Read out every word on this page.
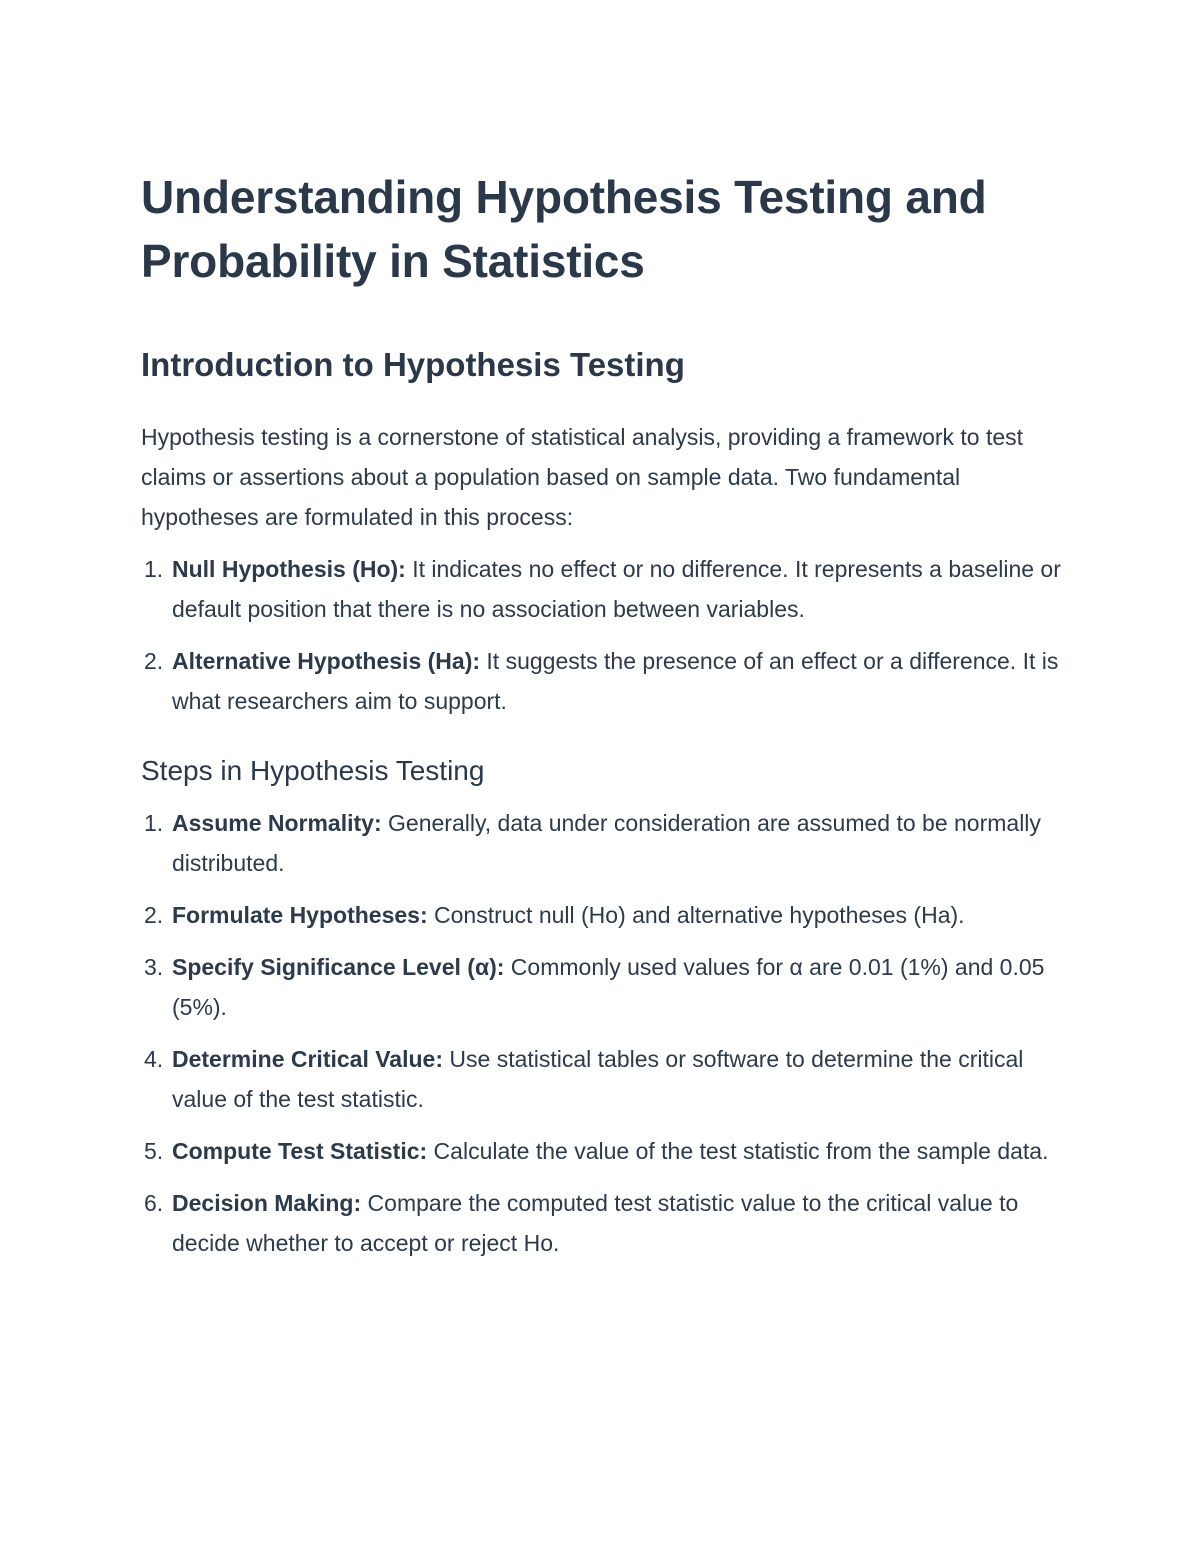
Understanding Hypothesis Testing and Probability in Statistics
Introduction to Hypothesis Testing

Hypothesis testing is a cornerstone of statistical analysis, providing a framework to test claims or assertions about a population based on sample data. Two fundamental hypotheses are formulated in this process:

1. Null Hypothesis (Ho): It indicates no effect or no difference. It represents a baseline or default position that there is no association between variables.
2. Alternative Hypothesis (Ha): It suggests the presence of an effect or a difference. It is what researchers aim to support.
Steps in Hypothesis Testing
1. Assume Normality: Generally, data under consideration are assumed to be normally distributed.
2. Formulate Hypotheses: Construct null (Ho) and alternative hypotheses (Ha).
3. Specify Significance Level (α): Commonly used values for α are 0.01 (1%) and 0.05 (5%).
4. Determine Critical Value: Use statistical tables or software to determine the critical value of the test statistic.
5. Compute Test Statistic: Calculate the value of the test statistic from the sample data.
6. Decision Making: Compare the computed test statistic value to the critical value to decide whether to accept or reject Ho.
